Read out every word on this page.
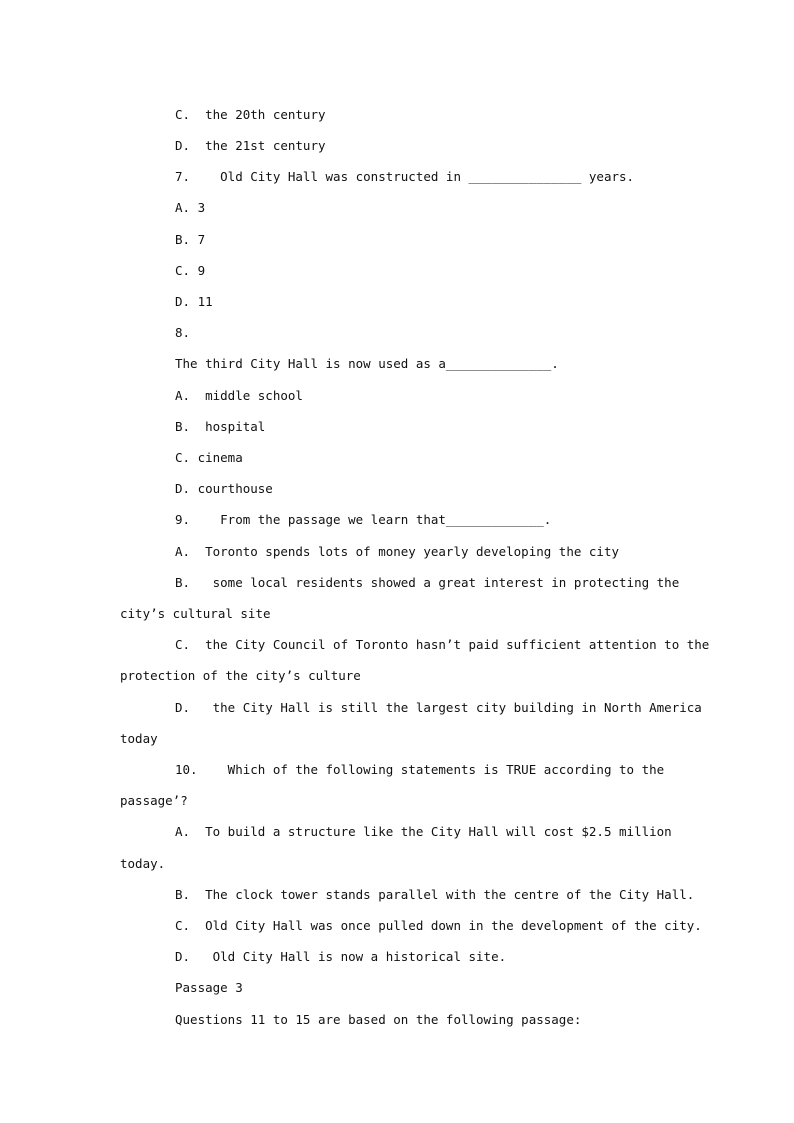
C.  the 20th century
D.  the 21st century
7.    Old City Hall was constructed in _______________ years.
A. 3
B. 7
C. 9
D. 11
8.
The third City Hall is now used as a______________.
A.  middle school
B.  hospital
C. cinema
D. courthouse
9.    From the passage we learn that_____________.
A.  Toronto spends lots of money yearly developing the city
B.   some local residents showed a great interest in protecting the
city’s cultural site
C.  the City Council of Toronto hasn’t paid sufficient attention to the
protection of the city’s culture
D.   the City Hall is still the largest city building in North America
today
10.    Which of the following statements is TRUE according to the
passage’?
A.  To build a structure like the City Hall will cost $2.5 million
today.
B.  The clock tower stands parallel with the centre of the City Hall.
C.  Old City Hall was once pulled down in the development of the city.
D.   Old City Hall is now a historical site.
Passage 3
Questions 11 to 15 are based on the following passage:
